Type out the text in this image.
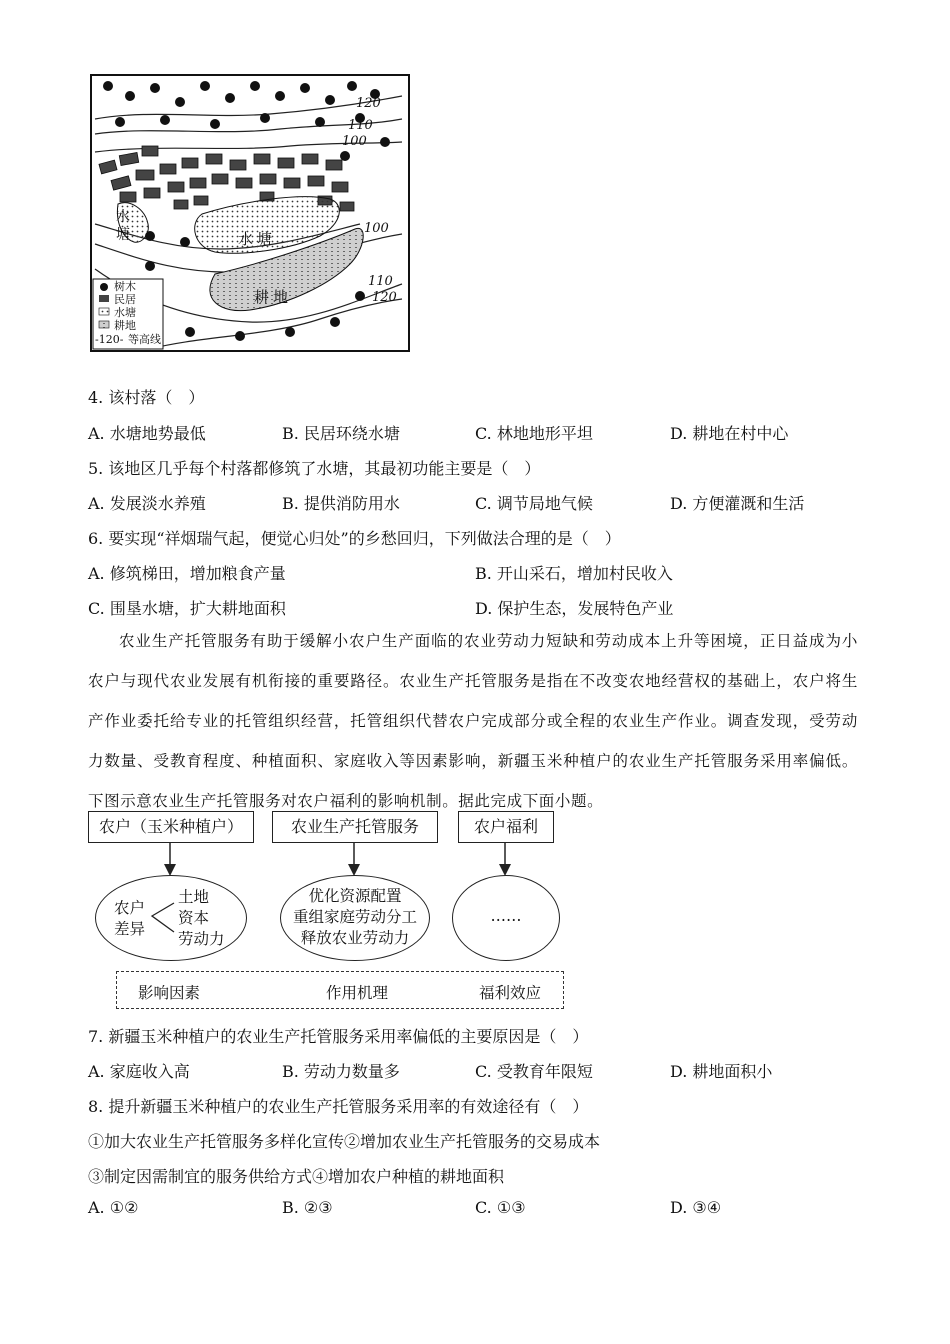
水塘	水塘
耕地
120
110
100
100
110
120
树木
民居
水塘
耕地
-120- 等高线
4. 该村落（　）
A. 水塘地势最低	B. 民居环绕水塘	C. 林地地形平坦	D. 耕地在村中心
5. 该地区几乎每个村落都修筑了水塘，其最初功能主要是（　）
A. 发展淡水养殖	B. 提供消防用水	C. 调节局地气候	D. 方便灌溉和生活
6. 要实现“祥烟瑞气起，便觉心归处”的乡愁回归，下列做法合理的是（　）
A. 修筑梯田，增加粮食产量	B. 开山采石，增加村民收入
C. 围垦水塘，扩大耕地面积	D. 保护生态，发展特色产业

农业生产托管服务有助于缓解小农户生产面临的农业劳动力短缺和劳动成本上升等困境，正日益成为小农户与现代农业发展有机衔接的重要路径。农业生产托管服务是指在不改变农地经营权的基础上，农户将生产作业委托给专业的托管组织经营，托管组织代替农户完成部分或全程的农业生产作业。调查发现，受劳动力数量、受教育程度、种植面积、家庭收入等因素影响，新疆玉米种植户的农业生产托管服务采用率偏低。下图示意农业生产托管服务对农户福利的影响机制。据此完成下面小题。

农户（玉米种植户）	农业生产托管服务	农户福利
农户
差异
土地
资本
劳动力
优化资源配置
重组家庭劳动分工
释放农业劳动力
……
影响因素	作用机理	福利效应
7. 新疆玉米种植户的农业生产托管服务采用率偏低的主要原因是（　）
A. 家庭收入高	B. 劳动力数量多	C. 受教育年限短	D. 耕地面积小
8. 提升新疆玉米种植户的农业生产托管服务采用率的有效途径有（　）
①加大农业生产托管服务多样化宣传②增加农业生产托管服务的交易成本
③制定因需制宜的服务供给方式④增加农户种植的耕地面积
A. ①②	B. ②③	C. ①③	D. ③④
